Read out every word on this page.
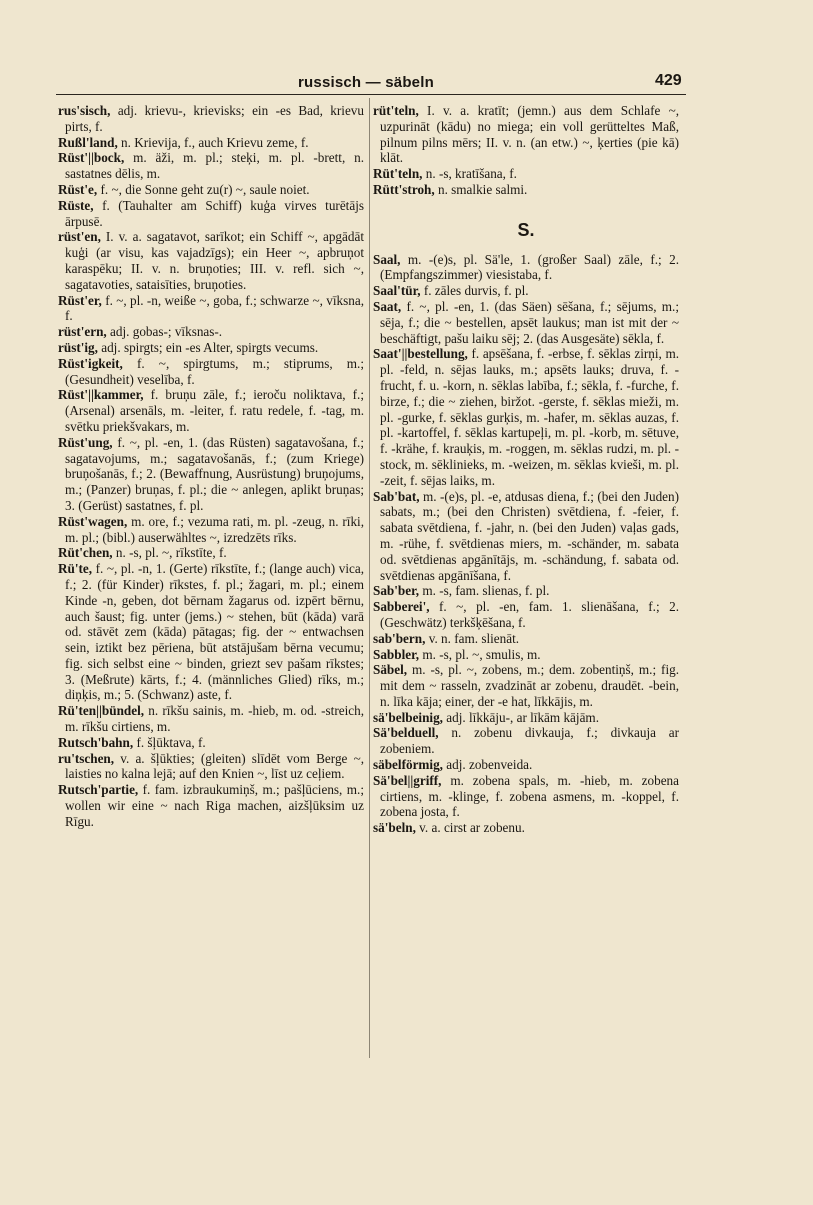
russisch — säbeln	429

rus'sisch, adj. krievu-, krievisks; ein -es Bad, krievu pirts, f.

Rußl'land, n. Krievija, f., auch Krievu zeme, f.

Rüst'||bock, m. äži, m. pl.; steķi, m. pl. -brett, n. sastatnes dēlis, m.

Rüst'e, f. ~, die Sonne geht zu(r) ~, saule noiet.

Rüste, f. (Tauhalter am Schiff) kuģa virves turētājs ārpusē.

rüst'en, I. v. a. sagatavot, sarīkot; ein Schiff ~, apgādāt kuģi (ar visu, kas vajadzīgs); ein Heer ~, apbruņot karaspēku; II. v. n. bruņoties; III. v. refl. sich ~, sagatavoties, sataisīties, bruņoties.

Rüst'er, f. ~, pl. -n, weiße ~, goba, f.; schwarze ~, vīksna, f.

rüst'ern, adj. gobas-; vīksnas-.

rüst'ig, adj. spirgts; ein -es Alter, spirgts vecums.

Rüst'igkeit, f. ~, spirgtums, m.; stiprums, m.; (Gesundheit) veselība, f.

Rüst'||kammer, f. bruņu zāle, f.; ieroču noliktava, f.; (Arsenal) arsenāls, m. -leiter, f. ratu redele, f. -tag, m. svētku priekšvakars, m.

Rüst'ung, f. ~, pl. -en, 1. (das Rüsten) sagatavošana, f.; sagatavojums, m.; sagatavošanās, f.; (zum Kriege) bruņošanās, f.; 2. (Bewaffnung, Ausrüstung) bruņojums, m.; (Panzer) bruņas, f. pl.; die ~ anlegen, aplikt bruņas; 3. (Gerüst) sastatnes, f. pl.

Rüst'wagen, m. ore, f.; vezuma rati, m. pl. -zeug, n. rīki, m. pl.; (bibl.) auserwähltes ~, izredzēts rīks.

Rüt'chen, n. -s, pl. ~, rīkstīte, f.

Rü'te, f. ~, pl. -n, 1. (Gerte) rīkstīte, f.; (lange auch) vica, f.; 2. (für Kinder) rīkstes, f. pl.; žagari, m. pl.; einem Kinde -n, geben, dot bērnam žagarus od. izpērt bērnu, auch šaust; fig. unter (jems.) ~ stehen, būt (kāda) varā od. stāvēt zem (kāda) pātagas; fig. der ~ entwachsen sein, iztikt bez pēriena, būt atstājušam bērna vecumu; fig. sich selbst eine ~ binden, griezt sev pašam rīkstes; 3. (Meßrute) kārts, f.; 4. (männliches Glied) rīks, m.; diņķis, m.; 5. (Schwanz) aste, f.

Rü'ten||bündel, n. rīkšu sainis, m. -hieb, m. od. -streich, m. rīkšu cirtiens, m.

Rutsch'bahn, f. šļūktava, f.

ru'tschen, v. a. šļūkties; (gleiten) slīdēt vom Berge ~, laisties no kalna lejā; auf den Knien ~, līst uz ceļiem.

Rutsch'partie, f. fam. izbraukumiņš, m.; pašļūciens, m.; wollen wir eine ~ nach Riga machen, aizšļūksim uz Rīgu.

rüt'teln, I. v. a. kratīt; (jemn.) aus dem Schlafe ~, uzpurināt (kādu) no miega; ein voll gerütteltes Maß, pilnum pilns mērs; II. v. n. (an etw.) ~, ķerties (pie kā) klāt.

Rüt'teln, n. -s, kratīšana, f.

Rütt'stroh, n. smalkie salmi.

S.

Saal, m. -(e)s, pl. Sä'le, 1. (großer Saal) zāle, f.; 2. (Empfangszimmer) viesistaba, f.

Saal'tür, f. zāles durvis, f. pl.

Saat, f. ~, pl. -en, 1. (das Säen) sēšana, f.; sējums, m.; sēja, f.; die ~ bestellen, apsēt laukus; man ist mit der ~ beschäftigt, pašu laiku sēj; 2. (das Ausgesäte) sēkla, f.

Saat'||bestellung, f. apsēšana, f. -erbse, f. sēklas zirņi, m. pl. -feld, n. sējas lauks, m.; apsēts lauks; druva, f. -frucht, f. u. -korn, n. sēklas labība, f.; sēkla, f. -furche, f. birze, f.; die ~ ziehen, biržot. -gerste, f. sēklas mieži, m. pl. -gurke, f. sēklas gurķis, m. -hafer, m. sēklas auzas, f. pl. -kartoffel, f. sēklas kartupeļi, m. pl. -korb, m. sētuve, f. -krähe, f. krauķis, m. -roggen, m. sēklas rudzi, m. pl. -stock, m. sēklinieks, m. -weizen, m. sēklas kvieši, m. pl. -zeit, f. sējas laiks, m.

Sab'bat, m. -(e)s, pl. -e, atdusas diena, f.; (bei den Juden) sabats, m.; (bei den Christen) svētdiena, f. -feier, f. sabata svētdiena, f. -jahr, n. (bei den Juden) vaļas gads, m. -rühe, f. svētdienas miers, m. -schänder, m. sabata od. svētdienas apgānītājs, m. -schändung, f. sabata od. svētdienas apgānīšana, f.

Sab'ber, m. -s, fam. slienas, f. pl.

Sabberei', f. ~, pl. -en, fam. 1. slienāšana, f.; 2. (Geschwätz) terkšķēšana, f.

sab'bern, v. n. fam. slienāt.

Sabbler, m. -s, pl. ~, smulis, m.

Säbel, m. -s, pl. ~, zobens, m.; dem. zobentiņš, m.; fig. mit dem ~ rasseln, zvadzināt ar zobenu, draudēt. -bein, n. līka kāja; einer, der -e hat, līkkājis, m.

sä'belbeinig, adj. līkkāju-, ar līkām kājām.

Sä'belduell, n. zobenu divkauja, f.; divkauja ar zobeniem.

säbelförmig, adj. zobenveida.

Sä'bel||griff, m. zobena spals, m. -hieb, m. zobena cirtiens, m. -klinge, f. zobena asmens, m. -koppel, f. zobena josta, f.

sä'beln, v. a. cirst ar zobenu.
